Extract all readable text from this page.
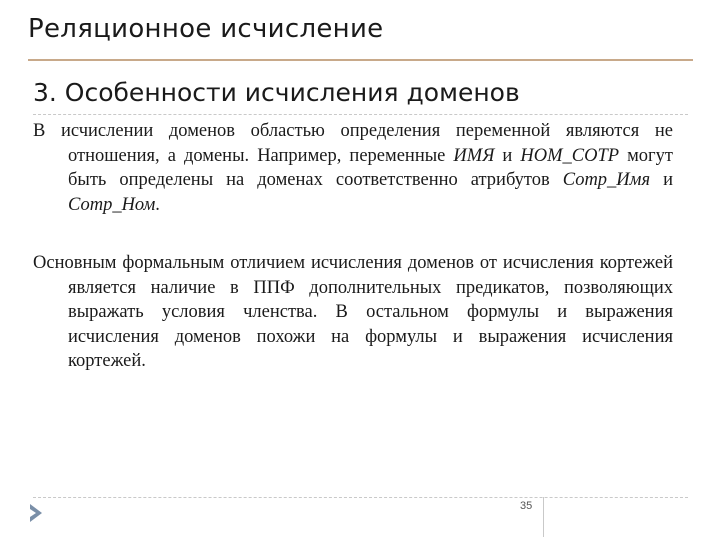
Реляционное исчисление
3. Особенности исчисления доменов
В исчислении доменов областью определения переменной являются не отношения, а домены. Например, переменные ИМЯ и НОМ_СОТР могут быть определены на доменах соответственно атрибутов Сотр_Имя и Сотр_Ном.
Основным формальным отличием исчисления доменов от исчисления кортежей является наличие в ППФ дополнительных предикатов, позволяющих выражать условия членства. В остальном формулы и выражения исчисления доменов похожи на формулы и выражения исчисления кортежей.
35
